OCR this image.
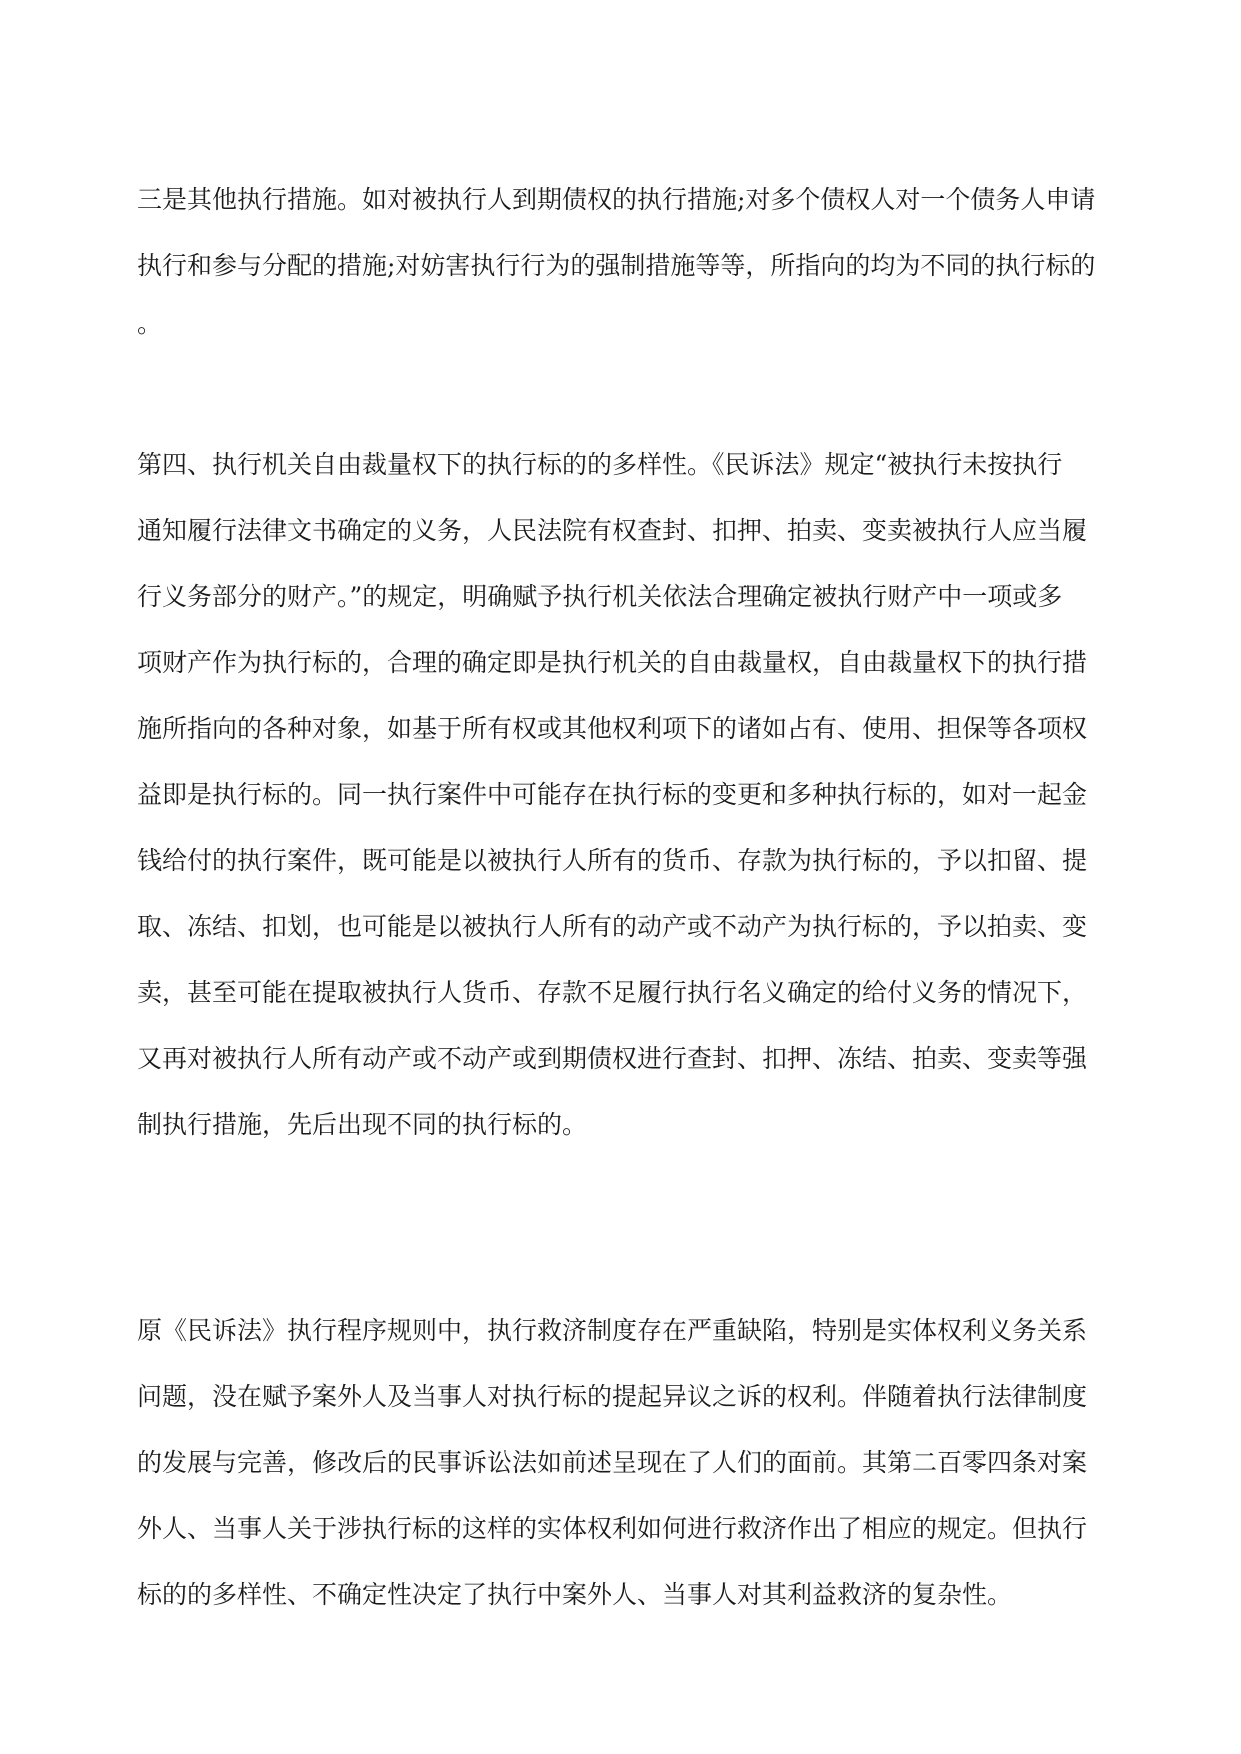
三是其他执行措施。如对被执行人到期债权的执行措施;对多个债权人对一个债务人申请

执行和参与分配的措施;对妨害执行行为的强制措施等等，所指向的均为不同的执行标的

。

第四、执行机关自由裁量权下的执行标的的多样性。《民诉法》规定“被执行未按执行

通知履行法律文书确定的义务，人民法院有权查封、扣押、拍卖、变卖被执行人应当履

行义务部分的财产。”的规定，明确赋予执行机关依法合理确定被执行财产中一项或多

项财产作为执行标的，合理的确定即是执行机关的自由裁量权，自由裁量权下的执行措

施所指向的各种对象，如基于所有权或其他权利项下的诸如占有、使用、担保等各项权

益即是执行标的。同一执行案件中可能存在执行标的变更和多种执行标的，如对一起金

钱给付的执行案件，既可能是以被执行人所有的货币、存款为执行标的，予以扣留、提

取、冻结、扣划，也可能是以被执行人所有的动产或不动产为执行标的，予以拍卖、变

卖，甚至可能在提取被执行人货币、存款不足履行执行名义确定的给付义务的情况下，

又再对被执行人所有动产或不动产或到期债权进行查封、扣押、冻结、拍卖、变卖等强

制执行措施，先后出现不同的执行标的。

原《民诉法》执行程序规则中，执行救济制度存在严重缺陷，特别是实体权利义务关系

问题，没在赋予案外人及当事人对执行标的提起异议之诉的权利。伴随着执行法律制度

的发展与完善，修改后的民事诉讼法如前述呈现在了人们的面前。其第二百零四条对案

外人、当事人关于涉执行标的这样的实体权利如何进行救济作出了相应的规定。但执行

标的的多样性、不确定性决定了执行中案外人、当事人对其利益救济的复杂性。
